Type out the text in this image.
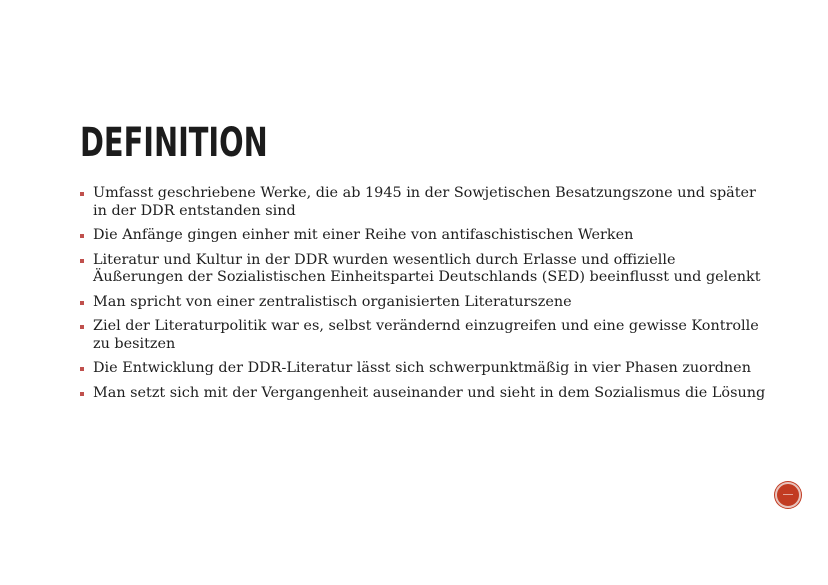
DEFINITION
Umfasst geschriebene Werke, die ab 1945 in der Sowjetischen Besatzungszone und später in der DDR entstanden sind
Die Anfänge gingen einher mit einer Reihe von antifaschistischen Werken
Literatur und Kultur in der DDR wurden wesentlich durch Erlasse und offizielle Äußerungen der Sozialistischen Einheitspartei Deutschlands (SED) beeinflusst und gelenkt
Man spricht von einer zentralistisch organisierten Literaturszene
Ziel der Literaturpolitik war es, selbst verändernd einzugreifen und eine gewisse Kontrolle zu besitzen
Die Entwicklung der DDR-Literatur lässt sich schwerpunktmäßig in vier Phasen zuordnen
Man setzt sich mit der Vergangenheit auseinander und sieht in dem Sozialismus die Lösung
